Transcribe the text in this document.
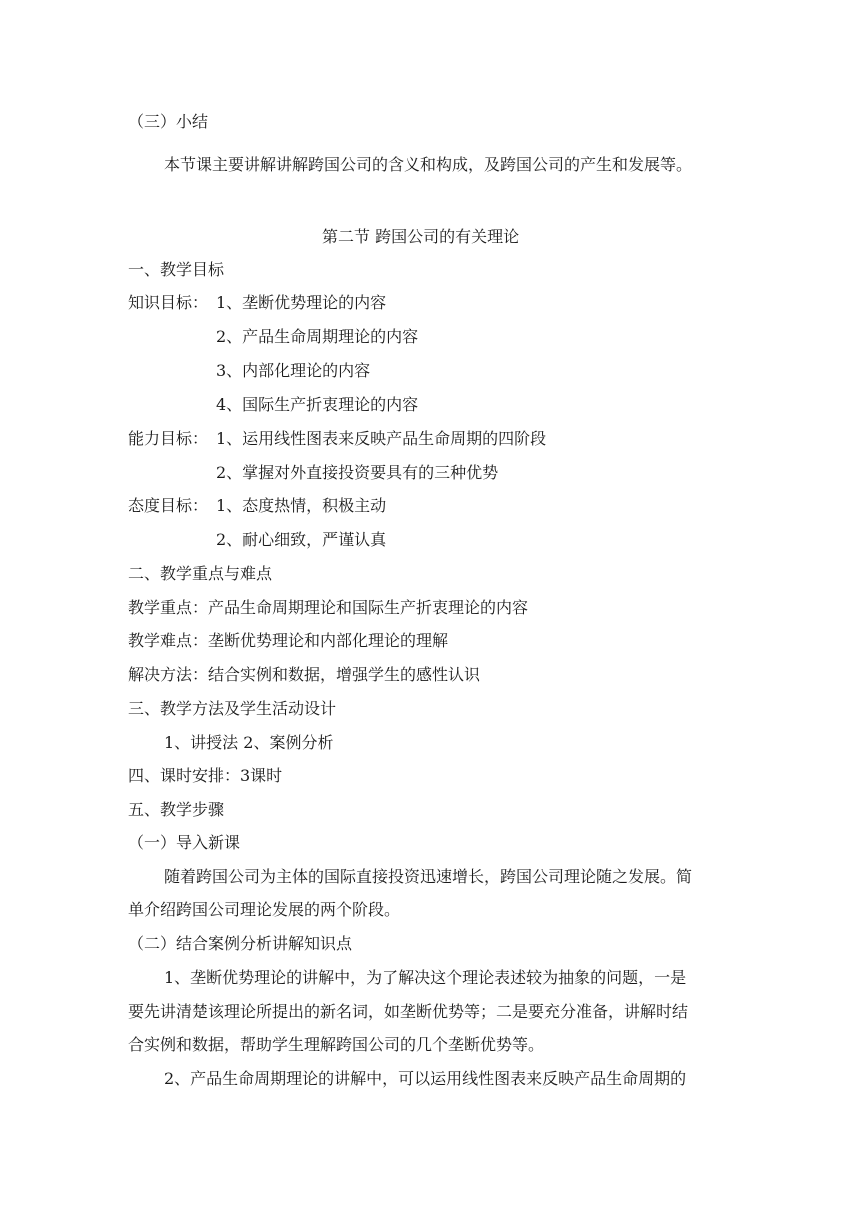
（三）小结
本节课主要讲解讲解跨国公司的含义和构成，及跨国公司的产生和发展等。
第二节 跨国公司的有关理论
一、教学目标
知识目标： 1、垄断优势理论的内容
2、产品生命周期理论的内容
3、内部化理论的内容
4、国际生产折衷理论的内容
能力目标： 1、运用线性图表来反映产品生命周期的四阶段
2、掌握对外直接投资要具有的三种优势
态度目标： 1、态度热情，积极主动
2、耐心细致，严谨认真
二、教学重点与难点
教学重点：产品生命周期理论和国际生产折衷理论的内容
教学难点：垄断优势理论和内部化理论的理解
解决方法：结合实例和数据，增强学生的感性认识
三、教学方法及学生活动设计
1、讲授法 2、案例分析
四、课时安排：3课时
五、教学步骤
（一）导入新课
随着跨国公司为主体的国际直接投资迅速增长，跨国公司理论随之发展。简
单介绍跨国公司理论发展的两个阶段。
（二）结合案例分析讲解知识点
1、垄断优势理论的讲解中，为了解决这个理论表述较为抽象的问题，一是
要先讲清楚该理论所提出的新名词，如垄断优势等；二是要充分准备，讲解时结
合实例和数据，帮助学生理解跨国公司的几个垄断优势等。
2、产品生命周期理论的讲解中，可以运用线性图表来反映产品生命周期的
